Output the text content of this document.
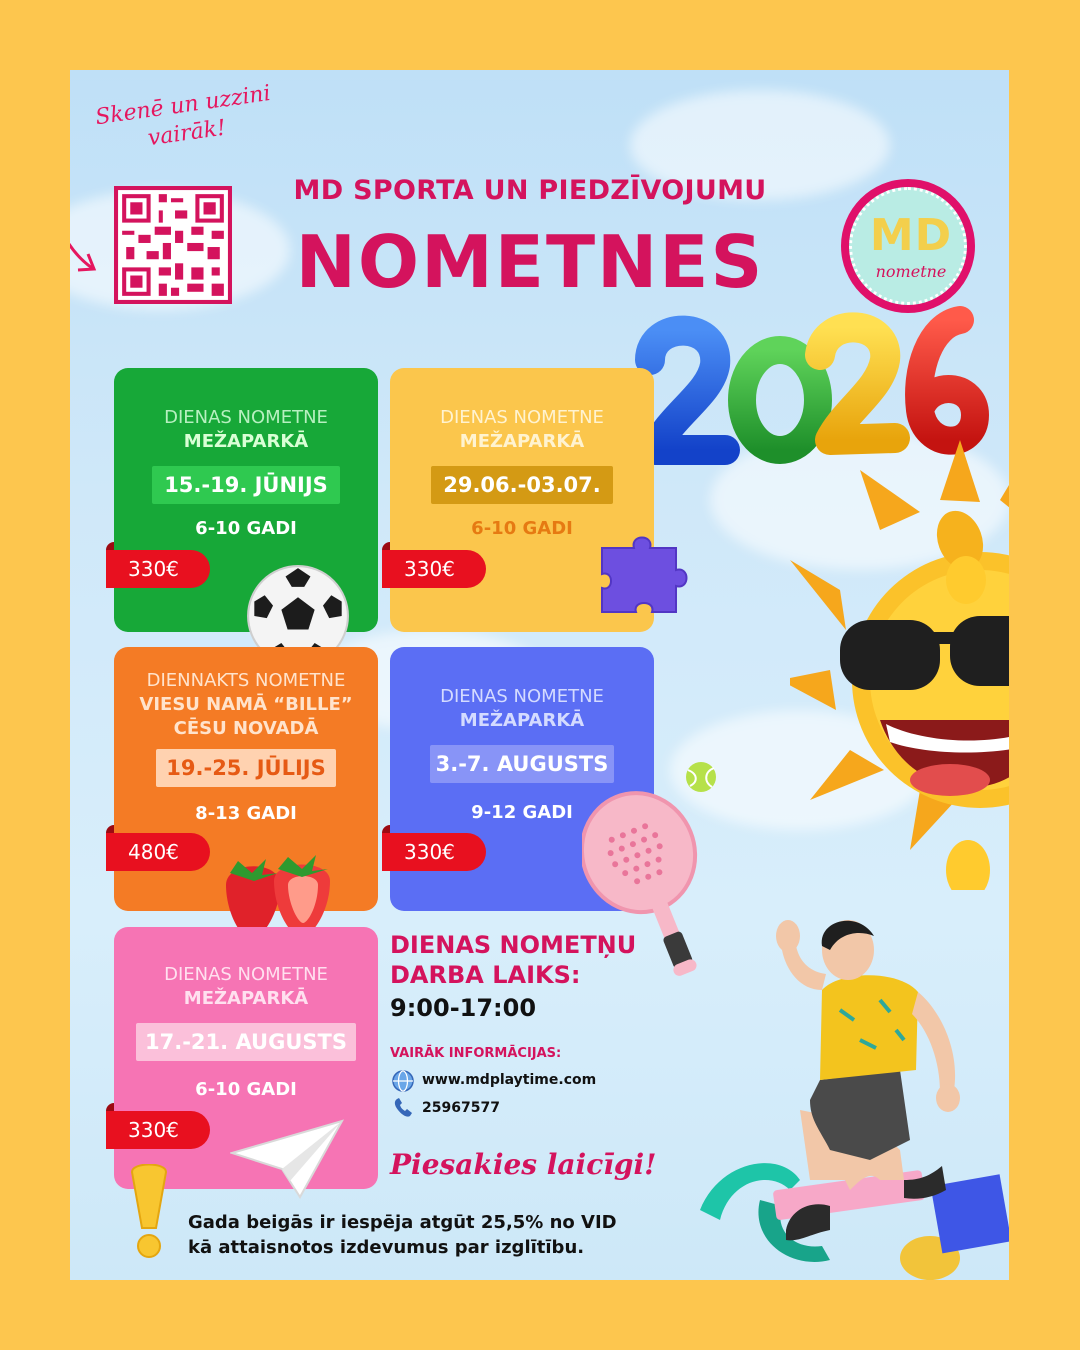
Skenē un uzzini vairāk!
MD SPORTA UN PIEDZĪVOJUMU
NOMETNES	MD
nometne
DIENAS NOMETNE
MEŽAPARKĀ
15.-19. JŪNIJS
6-10 GADI
330€
DIENAS NOMETNE
MEŽAPARKĀ
29.06.-03.07.
6-10 GADI
330€
DIENNAKTS NOMETNE
VIESU NAMĀ “BILLE”
CĒSU NOVADĀ
19.-25. JŪLIJS
8-13 GADI
480€
DIENAS NOMETNE
MEŽAPARKĀ
3.-7. AUGUSTS
9-12 GADI
330€
DIENAS NOMETNE
MEŽAPARKĀ
17.-21. AUGUSTS
6-10 GADI
330€
DIENAS NOMETŅU
DARBA LAIKS:
9:00-17:00
VAIRĀK INFORMĀCIJAS:
www.mdplaytime.com
25967577
Piesakies laicīgi!
Gada beigās ir iespēja atgūt 25,5% no VID
kā attaisnotos izdevumus par izglītību.
